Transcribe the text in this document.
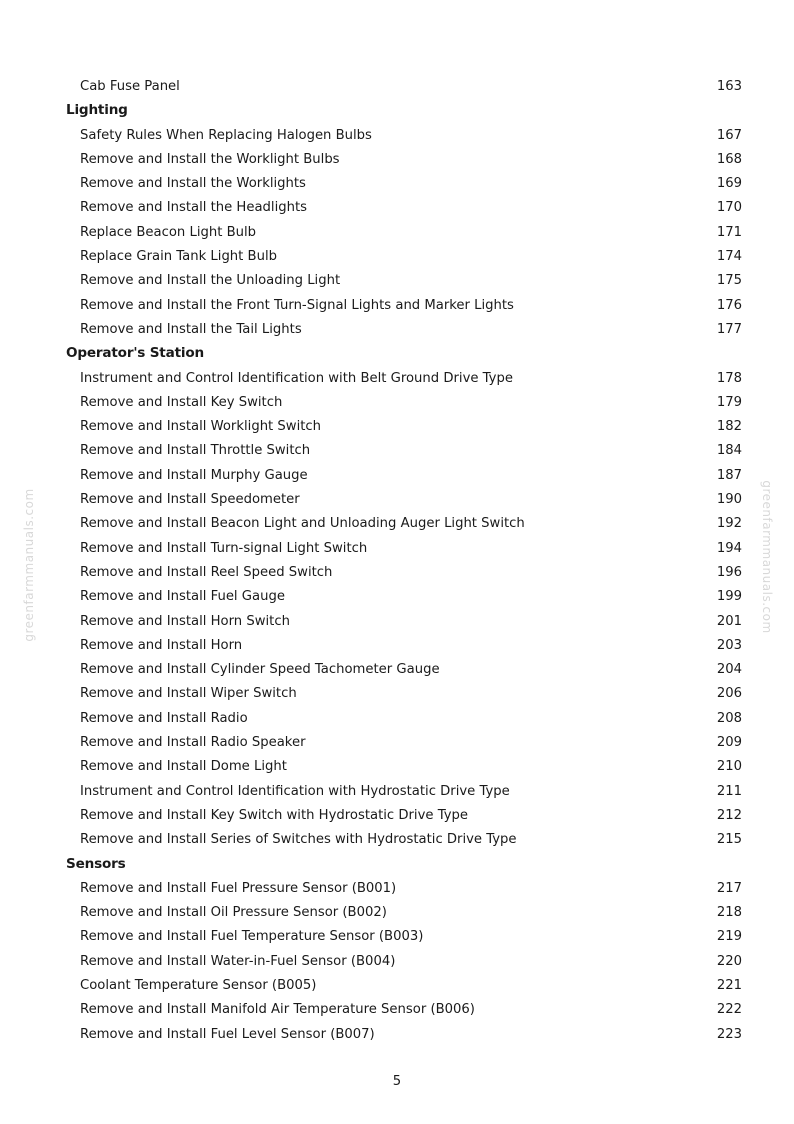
Cab Fuse Panel	163
Lighting
Safety Rules When Replacing Halogen Bulbs	167
Remove and Install the Worklight Bulbs	168
Remove and Install the Worklights	169
Remove and Install the Headlights	170
Replace Beacon Light Bulb	171
Replace Grain Tank Light Bulb	174
Remove and Install the Unloading Light	175
Remove and Install the Front Turn-Signal Lights and Marker Lights	176
Remove and Install the Tail Lights	177
Operator's Station
Instrument and Control Identification with Belt Ground Drive Type	178
Remove and Install Key Switch	179
Remove and Install Worklight Switch	182
Remove and Install Throttle Switch	184
Remove and Install Murphy Gauge	187
Remove and Install Speedometer	190
Remove and Install Beacon Light and Unloading Auger Light Switch	192
Remove and Install Turn-signal Light Switch	194
Remove and Install Reel Speed Switch	196
Remove and Install Fuel Gauge	199
Remove and Install Horn Switch	201
Remove and Install Horn	203
Remove and Install Cylinder Speed Tachometer Gauge	204
Remove and Install Wiper Switch	206
Remove and Install Radio	208
Remove and Install Radio Speaker	209
Remove and Install Dome Light	210
Instrument and Control Identification with Hydrostatic Drive Type	211
Remove and Install Key Switch with Hydrostatic Drive Type	212
Remove and Install Series of Switches with Hydrostatic Drive Type	215
Sensors
Remove and Install Fuel Pressure Sensor (B001)	217
Remove and Install Oil Pressure Sensor (B002)	218
Remove and Install Fuel Temperature Sensor (B003)	219
Remove and Install Water-in-Fuel Sensor (B004)	220
Coolant Temperature Sensor (B005)	221
Remove and Install Manifold Air Temperature Sensor (B006)	222
Remove and Install Fuel Level Sensor (B007)	223
greenfarmmanuals.com	greenfarmmanuals.com
5
